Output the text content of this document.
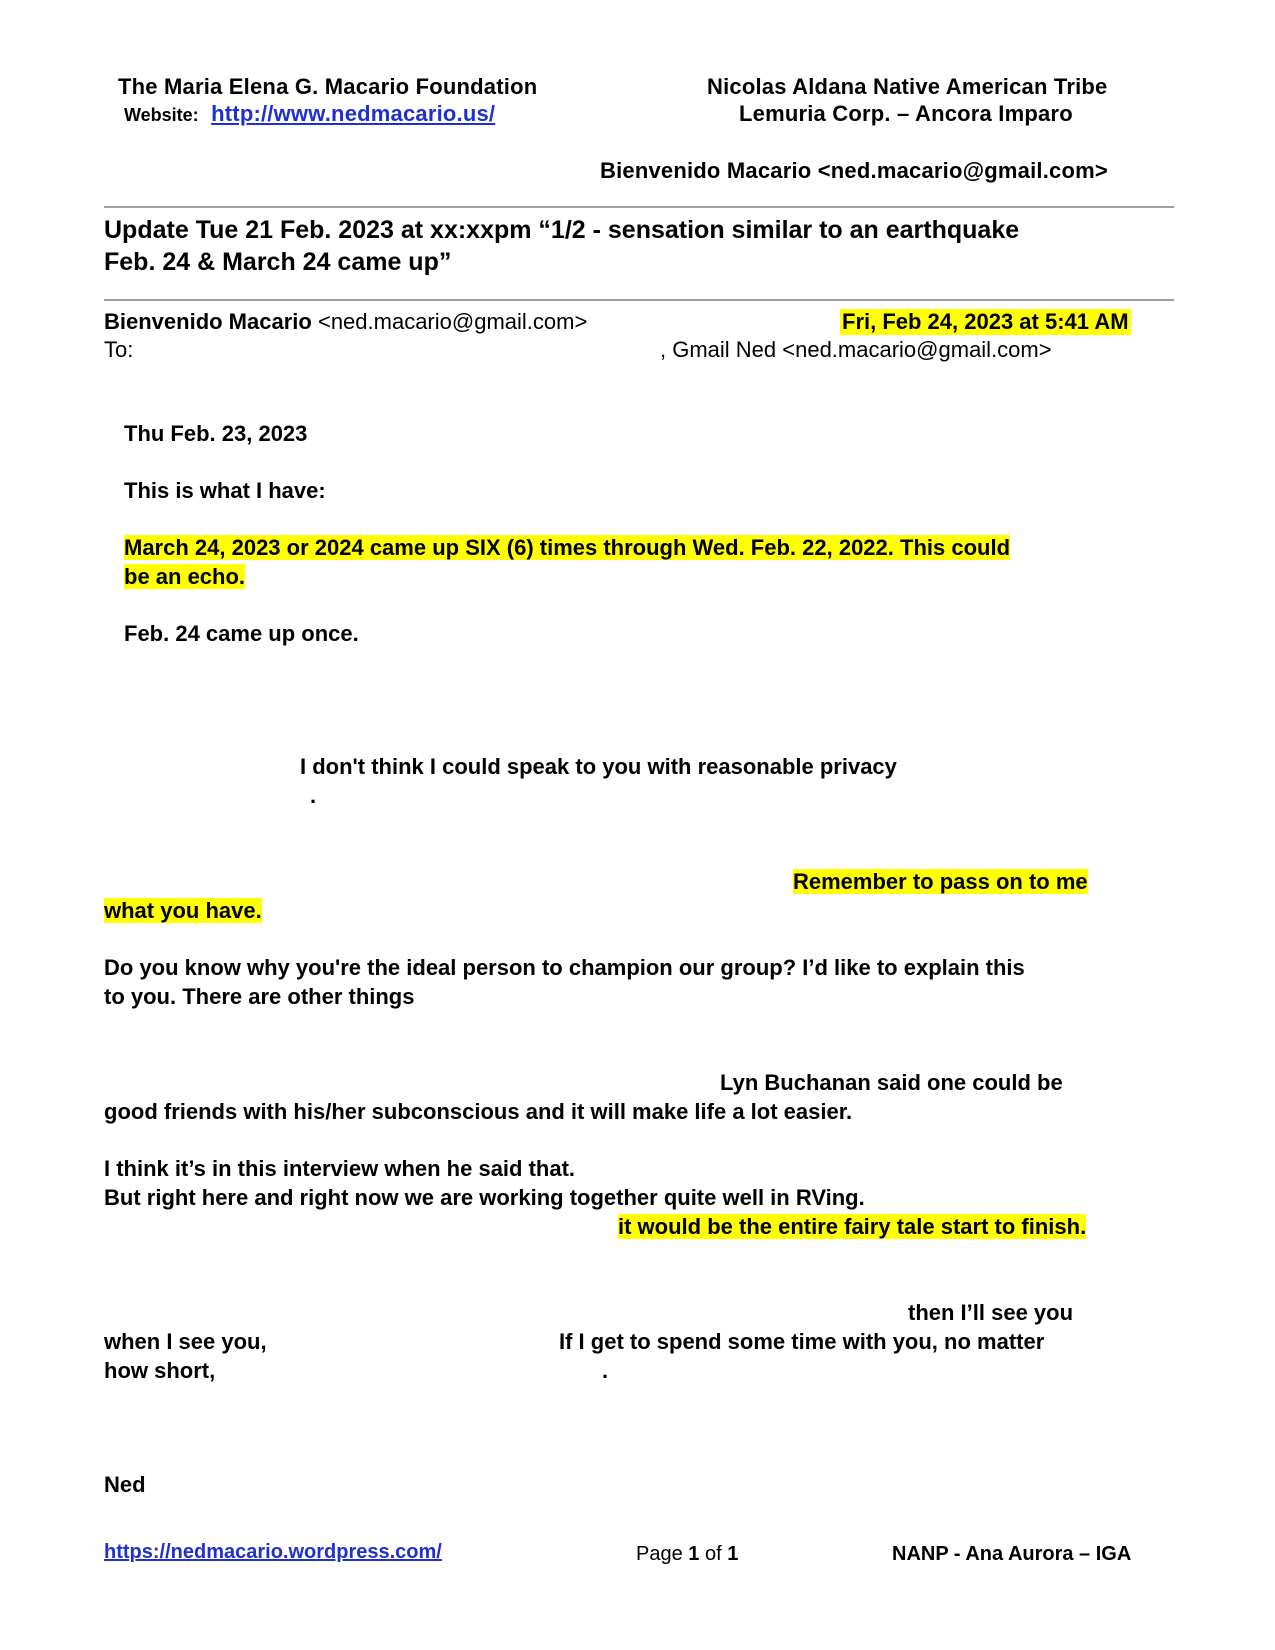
The Maria Elena G. Macario Foundation
Website: http://www.nedmacario.us/
Nicolas Aldana Native American Tribe
Lemuria Corp. – Ancora Imparo
Bienvenido Macario <ned.macario@gmail.com>
Update Tue 21 Feb. 2023 at xx:xxpm “1/2 - sensation similar to an earthquake
Feb. 24 & March 24 came up”
Bienvenido Macario <ned.macario@gmail.com>	Fri, Feb 24, 2023 at 5:41 AM
To:	, Gmail Ned <ned.macario@gmail.com>
Thu Feb. 23, 2023
This is what I have:
March 24, 2023 or 2024 came up SIX (6) times through Wed. Feb. 22, 2022. This could
be an echo.
Feb. 24 came up once.
I don't think I could speak to you with reasonable privacy
.
Remember to pass on to me
what you have.
Do you know why you're the ideal person to champion our group? I’d like to explain this
to you. There are other things
Lyn Buchanan said one could be
good friends with his/her subconscious and it will make life a lot easier.
I think it’s in this interview when he said that.
But right here and right now we are working together quite well in RVing.
it would be the entire fairy tale start to finish.
then I’ll see you
when I see you,	If I get to spend some time with you, no matter
how short,	.
Ned
https://nedmacario.wordpress.com/	Page 1 of 1	NANP - Ana Aurora – IGA
